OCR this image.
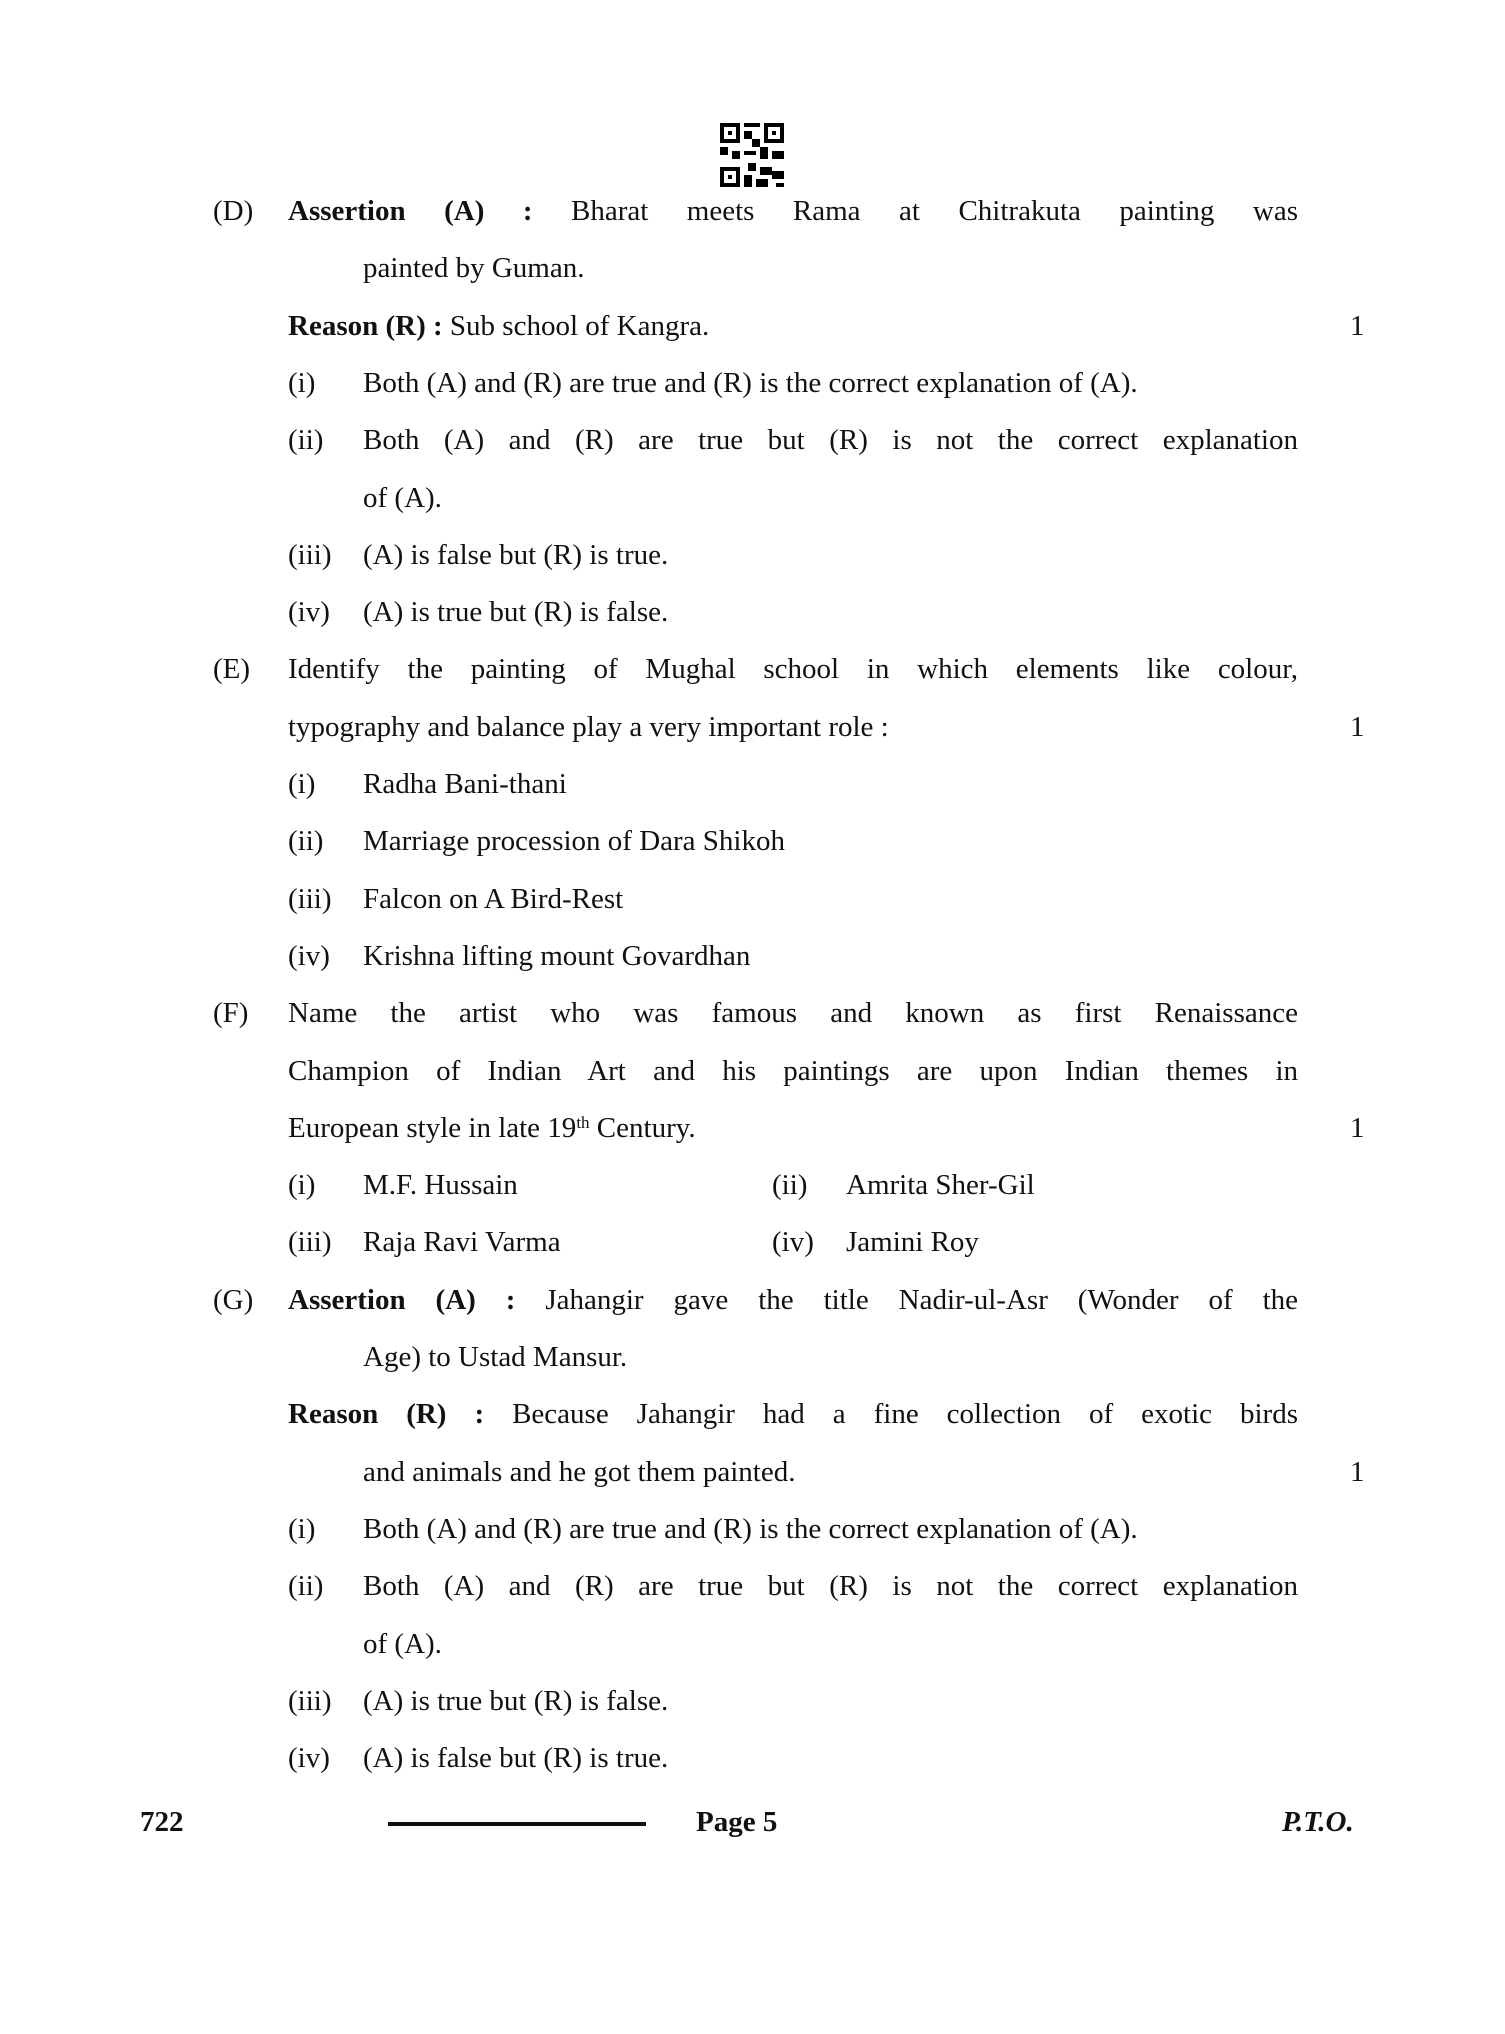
(D) Assertion (A) : Bharat meets Rama at Chitrakuta painting was
painted by Guman.
Reason (R) : Sub school of Kangra.	1
(i) Both (A) and (R) are true and (R) is the correct explanation of (A).
(ii) Both (A) and (R) are true but (R) is not the correct explanation
of (A).
(iii) (A) is false but (R) is true.
(iv) (A) is true but (R) is false.
(E) Identify the painting of Mughal school in which elements like colour,
typography and balance play a very important role :	1
(i) Radha Bani-thani
(ii) Marriage procession of Dara Shikoh
(iii) Falcon on A Bird-Rest
(iv) Krishna lifting mount Govardhan
(F) Name the artist who was famous and known as first Renaissance
Champion of Indian Art and his paintings are upon Indian themes in
European style in late 19th Century.	1
(i) M.F. Hussain	(ii) Amrita Sher-Gil
(iii) Raja Ravi Varma	(iv) Jamini Roy
(G) Assertion (A) : Jahangir gave the title Nadir-ul-Asr (Wonder of the
Age) to Ustad Mansur.
Reason (R) : Because Jahangir had a fine collection of exotic birds
and animals and he got them painted.	1
(i) Both (A) and (R) are true and (R) is the correct explanation of (A).
(ii) Both (A) and (R) are true but (R) is not the correct explanation
of (A).
(iii) (A) is true but (R) is false.
(iv) (A) is false but (R) is true.
722	Page 5	P.T.O.
